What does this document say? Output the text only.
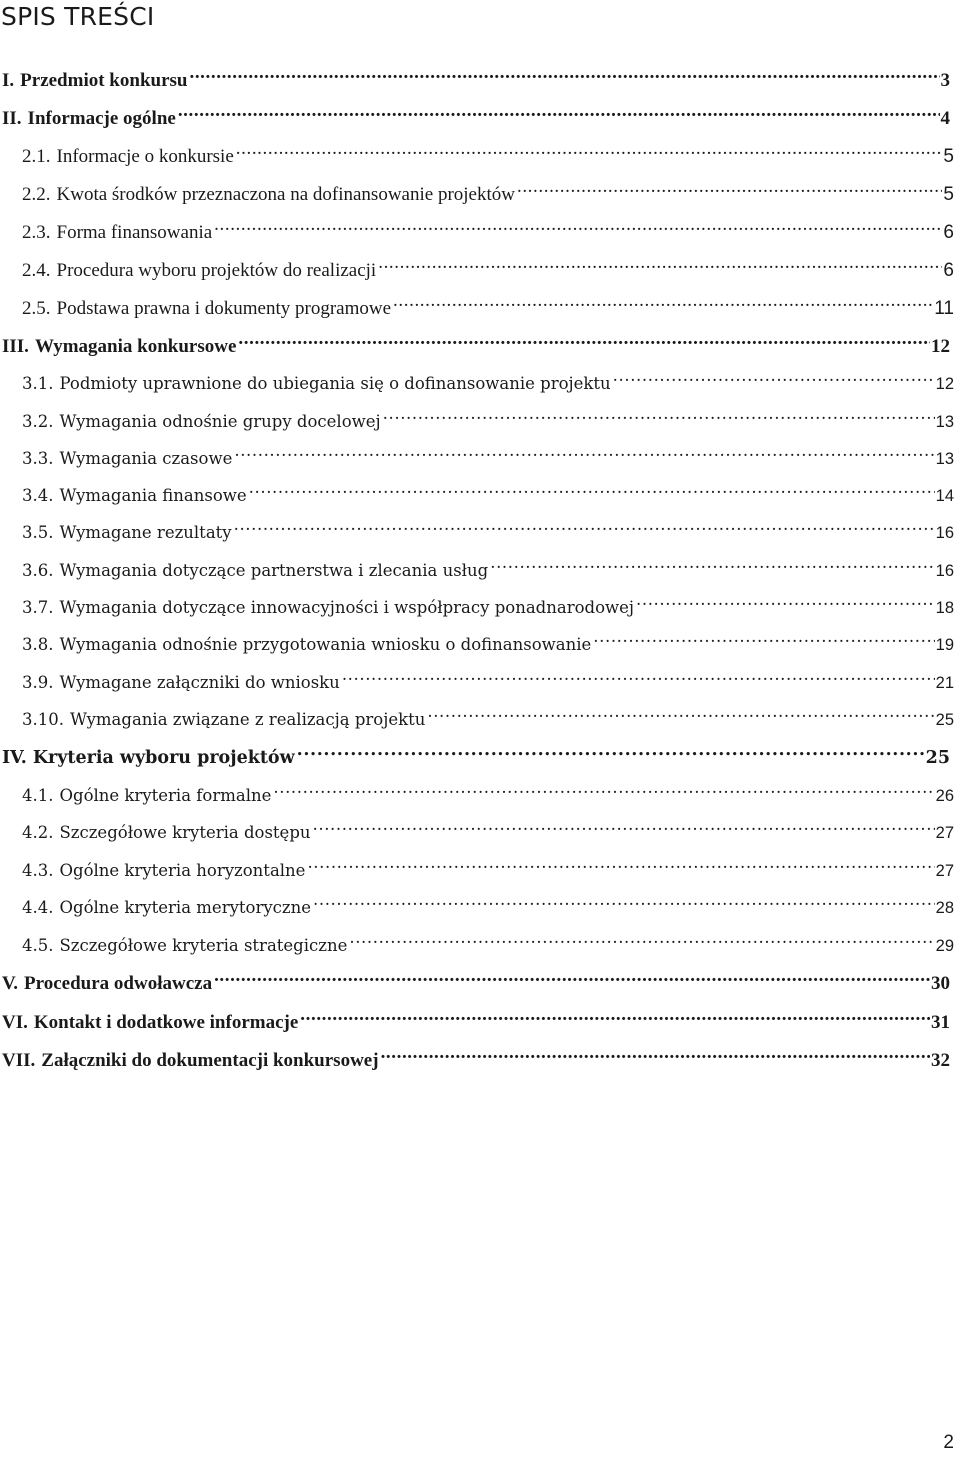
SPIS TREŚCI
I. Przedmiot konkursu .....	3
II. Informacje ogólne .....	4
2.1. Informacje o konkursie .....	5
2.2. Kwota środków przeznaczona na dofinansowanie projektów .....	5
2.3. Forma finansowania .....	6
2.4. Procedura wyboru projektów do realizacji .....	6
2.5. Podstawa prawna i dokumenty programowe .....	11
III. Wymagania konkursowe .....	12
3.1. Podmioty uprawnione do ubiegania się o dofinansowanie projektu .....	12
3.2. Wymagania odnośnie grupy docelowej .....	13
3.3. Wymagania czasowe .....	13
3.4. Wymagania finansowe .....	14
3.5. Wymagane rezultaty .....	16
3.6. Wymagania dotyczące partnerstwa i zlecania usług .....	16
3.7. Wymagania dotyczące innowacyjności i współpracy ponadnarodowej .....	18
3.8. Wymagania odnośnie przygotowania wniosku o dofinansowanie .....	19
3.9. Wymagane załączniki do wniosku .....	21
3.10. Wymagania związane z realizacją projektu .....	25
IV. Kryteria wyboru projektów .....	25
4.1. Ogólne kryteria formalne .....	26
4.2. Szczegółowe kryteria dostępu .....	27
4.3. Ogólne kryteria horyzontalne .....	27
4.4. Ogólne kryteria merytoryczne .....	28
4.5. Szczegółowe kryteria strategiczne .....	29
V. Procedura odwoławcza .....	30
VI. Kontakt i dodatkowe informacje .....	31
VII. Załączniki do dokumentacji konkursowej .....	32
2
